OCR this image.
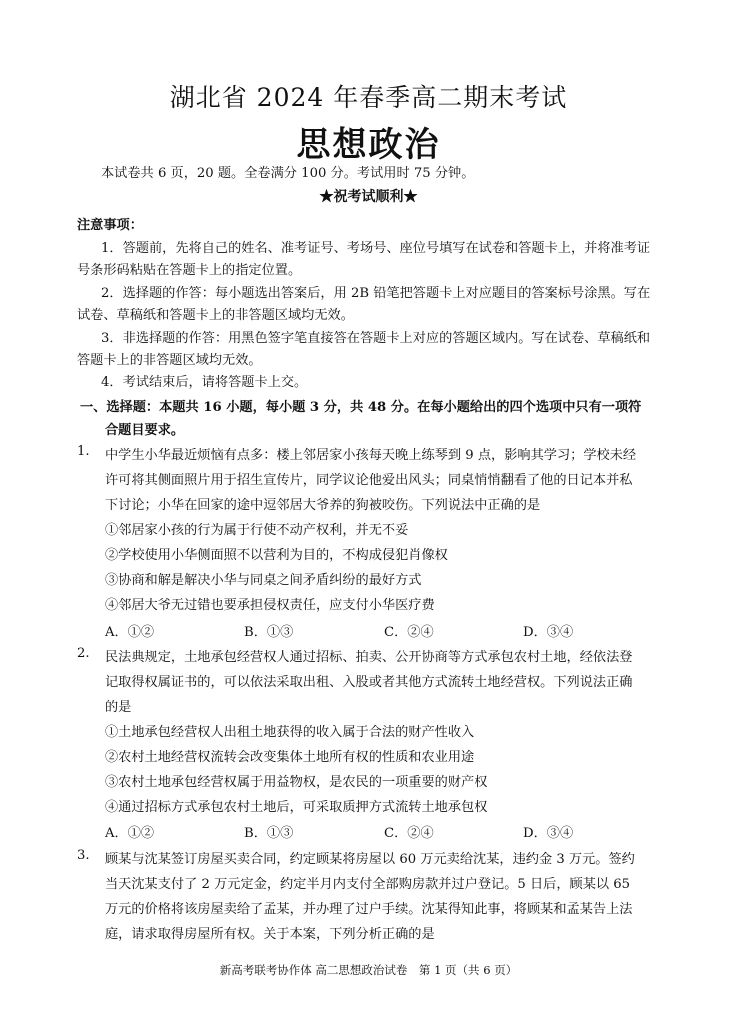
湖北省 2024 年春季高二期末考试
思想政治
本试卷共 6 页，20 题。全卷满分 100 分。考试用时 75 分钟。
★祝考试顺利★
注意事项：
1．答题前，先将自己的姓名、准考证号、考场号、座位号填写在试卷和答题卡上，并将准考证
号条形码粘贴在答题卡上的指定位置。
2．选择题的作答：每小题选出答案后，用 2B 铅笔把答题卡上对应题目的答案标号涂黑。写在
试卷、草稿纸和答题卡上的非答题区域均无效。
3．非选择题的作答：用黑色签字笔直接答在答题卡上对应的答题区域内。写在试卷、草稿纸和
答题卡上的非答题区域均无效。
4．考试结束后，请将答题卡上交。
一、选择题：本题共 16 小题，每小题 3 分，共 48 分。在每小题给出的四个选项中只有一项符
合题目要求。
1. 中学生小华最近烦恼有点多：楼上邻居家小孩每天晚上练琴到 9 点，影响其学习；学校未经
许可将其侧面照片用于招生宣传片，同学议论他爱出风头；同桌悄悄翻看了他的日记本并私
下讨论；小华在回家的途中逗邻居大爷养的狗被咬伤。下列说法中正确的是
①邻居家小孩的行为属于行使不动产权利，并无不妥
②学校使用小华侧面照不以营利为目的，不构成侵犯肖像权
③协商和解是解决小华与同桌之间矛盾纠纷的最好方式
④邻居大爷无过错也要承担侵权责任，应支付小华医疗费
A．①②	B．①③	C．②④	D．③④
2. 民法典规定，土地承包经营权人通过招标、拍卖、公开协商等方式承包农村土地，经依法登
记取得权属证书的，可以依法采取出租、入股或者其他方式流转土地经营权。下列说法正确
的是
①土地承包经营权人出租土地获得的收入属于合法的财产性收入
②农村土地经营权流转会改变集体土地所有权的性质和农业用途
③农村土地承包经营权属于用益物权，是农民的一项重要的财产权
④通过招标方式承包农村土地后，可采取质押方式流转土地承包权
A．①②	B．①③	C．②④	D．③④
3. 顾某与沈某签订房屋买卖合同，约定顾某将房屋以 60 万元卖给沈某，违约金 3 万元。签约
当天沈某支付了 2 万元定金，约定半月内支付全部购房款并过户登记。5 日后，顾某以 65
万元的价格将该房屋卖给了孟某，并办理了过户手续。沈某得知此事，将顾某和孟某告上法
庭，请求取得房屋所有权。关于本案，下列分析正确的是
新高考联考协作体 高二思想政治试卷　第 1 页（共 6 页）
